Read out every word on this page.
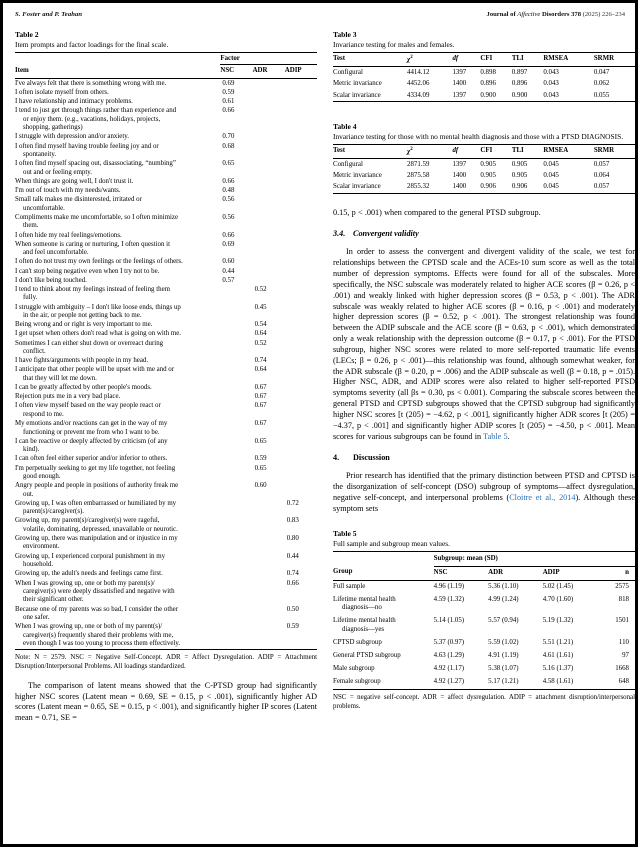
S. Foster and P. Teahan	Journal of Affective Disorders 378 (2025) 226–234
Table 2
Item prompts and factor loadings for the final scale.
	Factor		
Item	NSC	ADR	ADIP
I've always felt that there is something wrong with me.	0.69		
I often isolate myself from others.	0.59		
I have relationship and intimacy problems.	0.61		
I tend to just get through things rather than experience and
or enjoy them. (e.g., vacations, holidays, projects,
shopping, gatherings)	0.66		
I struggle with depression and/or anxiety.	0.70		
I often find myself having trouble feeling joy and or
spontaneity.	0.68		
I often find myself spacing out, disassociating, “numbing”
out and or feeling empty.	0.65		
When things are going well, I don't trust it.	0.66		
I'm out of touch with my needs/wants.	0.48		
Small talk makes me disinterested, irritated or
uncomfortable.	0.56		
Compliments make me uncomfortable, so I often minimize
them.	0.56		
I often hide my real feelings/emotions.	0.66		
When someone is caring or nurturing, I often question it
and feel uncomfortable.	0.69		
I often do not trust my own feelings or the feelings of others.	0.60		
I can't stop being negative even when I try not to be.	0.44		
I don't like being touched.	0.57		
I tend to think about my feelings instead of feeling them
fully.		0.52	
I struggle with ambiguity – I don't like loose ends, things up
in the air, or people not getting back to me.		0.45	
Being wrong and or right is very important to me.		0.54	
I get upset when others don't read what is going on with me.		0.64	
Sometimes I can either shut down or overreact during
conflict.		0.52	
I have fights/arguments with people in my head.		0.74	
I anticipate that other people will be upset with me and or
that they will let me down.		0.64	
I can be greatly affected by other people's moods.		0.67	
Rejection puts me in a very bad place.		0.67	
I often view myself based on the way people react or
respond to me.		0.67	
My emotions and/or reactions can get in the way of my
functioning or prevent me from who I want to be.		0.67	
I can be reactive or deeply affected by criticism (of any
kind).		0.65	
I can often feel either superior and/or inferior to others.		0.59	
I'm perpetually seeking to get my life together, not feeling
good enough.		0.65	
Angry people and people in positions of authority freak me
out.		0.60	
Growing up, I was often embarrassed or humiliated by my
parent(s)/caregiver(s).			0.72
Growing up, my parent(s)/caregiver(s) were rageful,
volatile, dominating, depressed, unavailable or neurotic.			0.83
Growing up, there was manipulation and or injustice in my
environment.			0.80
Growing up, I experienced corporal punishment in my
household.			0.44
Growing up, the adult's needs and feelings came first.			0.74
When I was growing up, one or both my parent(s)/
caregiver(s) were deeply dissatisfied and negative with
their significant other.			0.66
Because one of my parents was so bad, I consider the other
one safer.			0.50
When I was growing up, one or both of my parent(s)/
caregiver(s) frequently shared their problems with me,
even though I was too young to process them effectively.			0.59
Note: N = 2579. NSC = Negative Self-Concept. ADR = Affect Dysregulation. ADIP = Attachment Disruption/Interpersonal Problems. All loadings standardized.

The comparison of latent means showed that the C-PTSD group had significantly higher NSC scores (Latent mean = 0.69, SE = 0.15, p < .001), significantly higher AD scores (Latent mean = 0.65, SE = 0.15, p < .001), and significantly higher IP scores (Latent mean = 0.71, SE =

Table 3
Invariance testing for males and females.
Test	$\chi^2$	df	CFI	TLI	RMSEA	SRMR
Configural	4414.12	1397	0.898	0.897	0.043	0.047
Metric invariance	4452.06	1400	0.896	0.896	0.043	0.062
Scalar invariance	4334.09	1397	0.900	0.900	0.043	0.055
Table 4
Invariance testing for those with no mental health diagnosis and those with a PTSD DIAGNOSIS.
Test	$\chi^2$	df	CFI	TLI	RMSEA	SRMR
Configural	2871.59	1397	0.905	0.905	0.045	0.057
Metric invariance	2875.58	1400	0.905	0.905	0.045	0.064
Scalar invariance	2855.32	1400	0.906	0.906	0.045	0.057

0.15, p < .001) when compared to the general PTSD subgroup.

3.4. Convergent validity

In order to assess the convergent and divergent validity of the scale, we test for relationships between the CPTSD scale and the ACEs-10 sum score as well as the total number of depression symptoms. Effects were found for all of the subscales. More specifically, the NSC subscale was moderately related to higher ACE scores (β = 0.26, p < .001) and weakly linked with higher depression scores (β = 0.53, p < .001). The ADR subscale was weakly related to higher ACE scores (β = 0.16, p < .001) and moderately higher depression scores (β = 0.52, p < .001). The strongest relationship was found between the ADIP subscale and the ACE score (β = 0.63, p < .001), which demonstrated only a weak relationship with the depression outcome (β = 0.17, p < .001). For the PTSD subgroup, higher NSC scores were related to more self-reported traumatic life events (LECs; β = 0.26, p < .001)—this relationship was found, although somewhat weaker, for the ADR subscale (β = 0.20, p = .006) and the ADIP subscale as well (β = 0.18, p = .015). Higher NSC, ADR, and ADIP scores were also related to higher self-reported PTSD symptoms severity (all βs = 0.30, ps < 0.001). Comparing the subscale scores between the general PTSD and CPTSD subgroups showed that the CPTSD subgroup had significantly higher NSC scores [t (205) = −4.62, p < .001], significantly higher ADR scores [t (205) = −4.37, p < .001] and significantly higher ADIP scores [t (205) = −4.50, p < .001]. Mean scores for various subgroups can be found in Table 5.

4. Discussion

Prior research has identified that the primary distinction between PTSD and CPTSD is the disorganization of self-concept (DSO) subgroup of symptoms—affect dysregulation, negative self-concept, and interpersonal problems (Cloitre et al., 2014). Although these symptom sets

Table 5
Full sample and subgroup mean values.
	Subgroup: mean (SD)			
Group	NSC	ADR	ADIP	n
Full sample	4.96 (1.19)	5.36 (1.10)	5.02 (1.45)	2575
Lifetime mental health
diagnosis—no	4.59 (1.32)	4.99 (1.24)	4.70 (1.60)	818
Lifetime mental health
diagnosis—yes	5.14 (1.05)	5.57 (0.94)	5.19 (1.32)	1501
CPTSD subgroup	5.37 (0.97)	5.59 (1.02)	5.51 (1.21)	110
General PTSD subgroup	4.63 (1.29)	4.91 (1.19)	4.61 (1.61)	97
Male subgroup	4.92 (1.17)	5.38 (1.07)	5.16 (1.37)	1668
Female subgroup	4.92 (1.27)	5.17 (1.21)	4.58 (1.61)	648
NSC = negative self-concept. ADR = affect dysregulation. ADIP = attachment disruption/interpersonal problems.
